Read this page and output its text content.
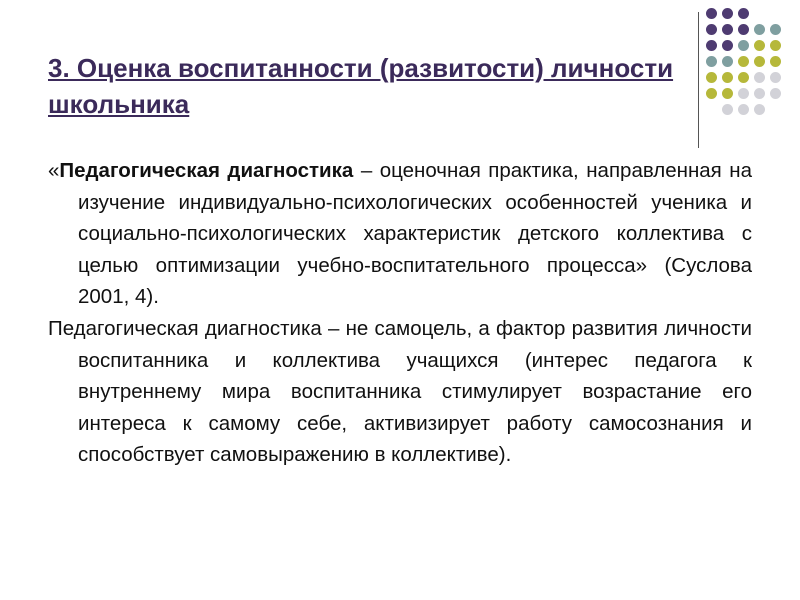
3. Оценка воспитанности (развитости) личности школьника

«Педагогическая диагностика – оценочная практика, направленная на изучение индивидуально-психологических особенностей ученика и социально-психологических характеристик детского коллектива с целью оптимизации учебно-воспитательного процесса» (Суслова 2001, 4).

Педагогическая диагностика – не самоцель, а фактор развития личности воспитанника и коллектива учащихся (интерес педагога к внутреннему мира воспитанника стимулирует возрастание его интереса к самому себе, активизирует работу самосознания и способствует самовыражению в коллективе).
